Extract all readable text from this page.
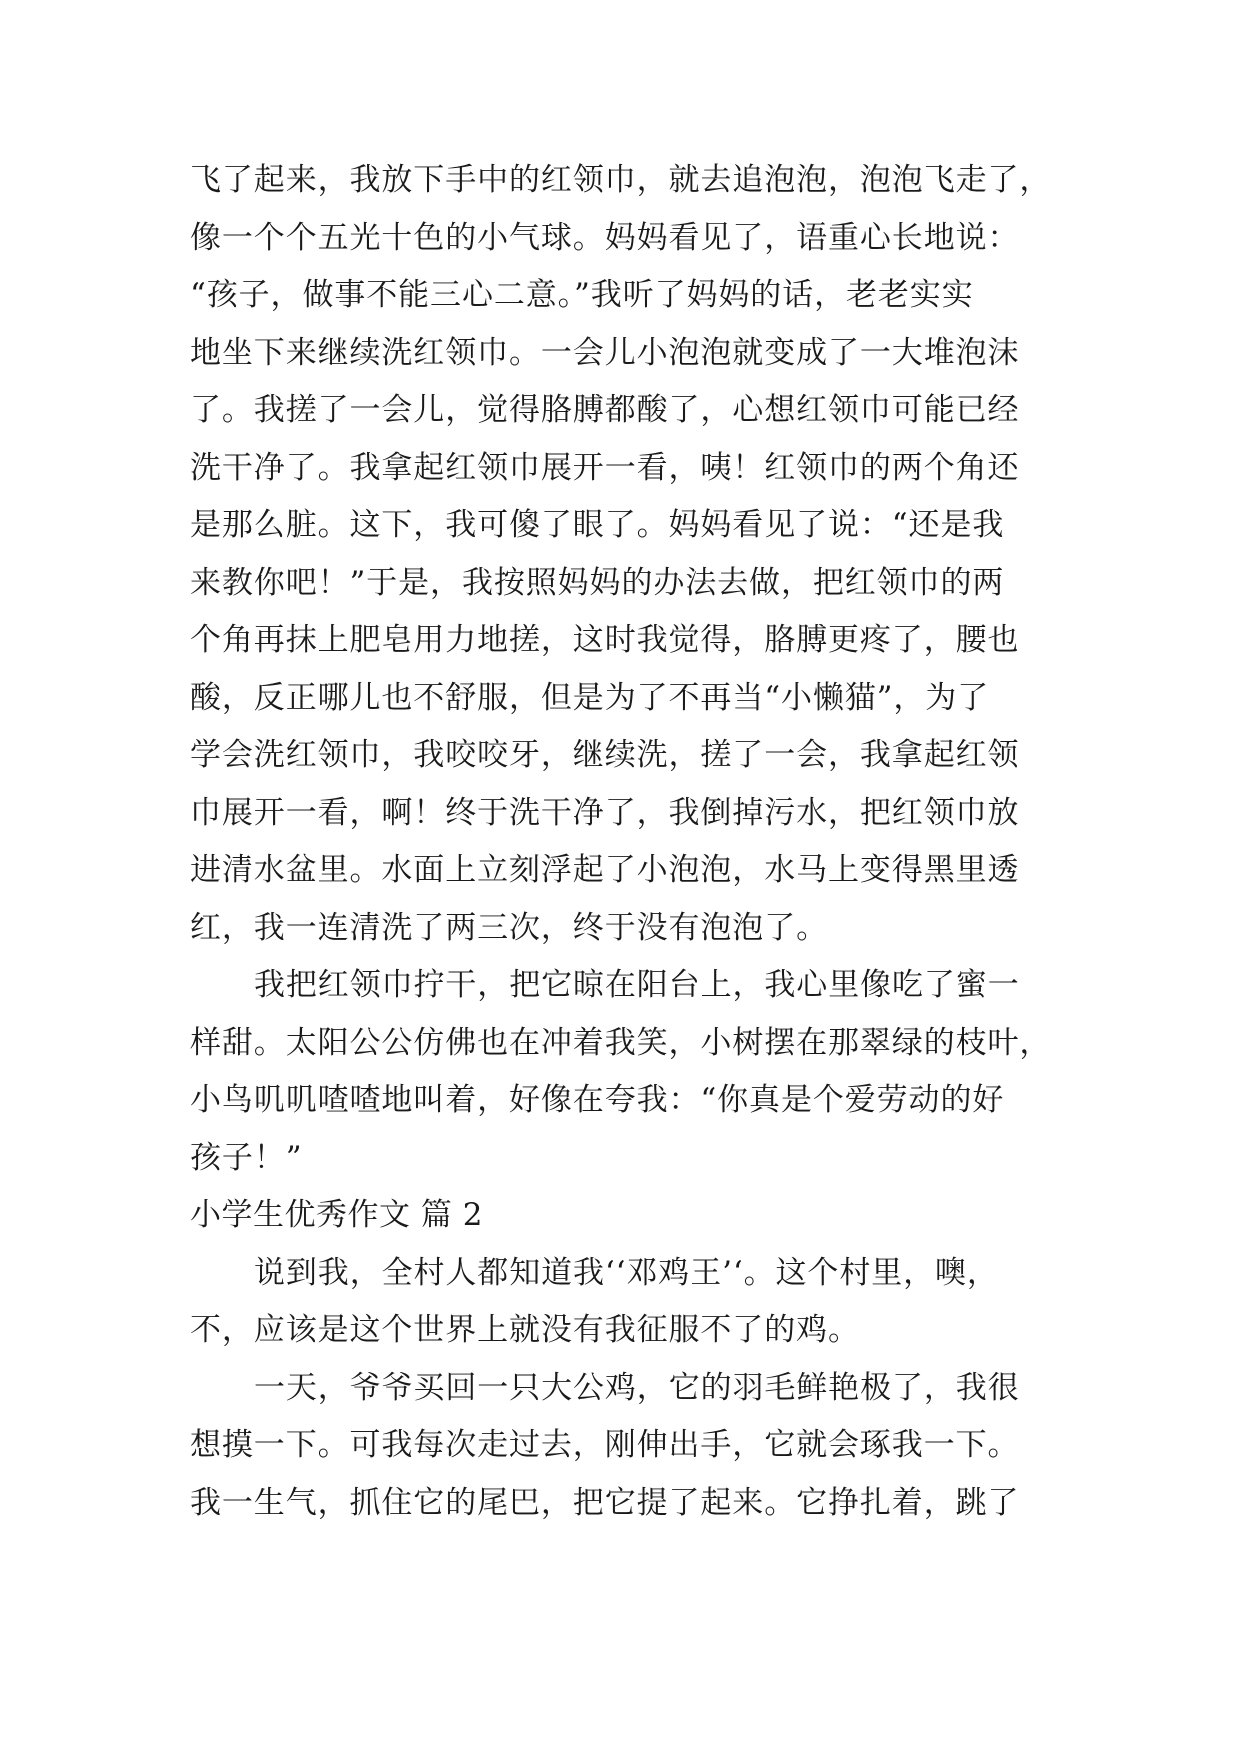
飞了起来，我放下手中的红领巾，就去追泡泡，泡泡飞走了，
像一个个五光十色的小气球。妈妈看见了，语重心长地说：
“孩子，做事不能三心二意。”我听了妈妈的话，老老实实
地坐下来继续洗红领巾。一会儿小泡泡就变成了一大堆泡沫
了。我搓了一会儿，觉得胳膊都酸了，心想红领巾可能已经
洗干净了。我拿起红领巾展开一看，咦！红领巾的两个角还
是那么脏。这下，我可傻了眼了。妈妈看见了说：“还是我
来教你吧！”于是，我按照妈妈的办法去做，把红领巾的两
个角再抹上肥皂用力地搓，这时我觉得，胳膊更疼了，腰也
酸，反正哪儿也不舒服，但是为了不再当“小懒猫”，为了
学会洗红领巾，我咬咬牙，继续洗，搓了一会，我拿起红领
巾展开一看，啊！终于洗干净了，我倒掉污水，把红领巾放
进清水盆里。水面上立刻浮起了小泡泡，水马上变得黑里透
红，我一连清洗了两三次，终于没有泡泡了。
我把红领巾拧干，把它晾在阳台上，我心里像吃了蜜一
样甜。太阳公公仿佛也在冲着我笑，小树摆在那翠绿的枝叶，
小鸟叽叽喳喳地叫着，好像在夸我：“你真是个爱劳动的好
孩子！”
小学生优秀作文 篇 2
说到我，全村人都知道我‘‘邓鸡王’‘。这个村里，噢，
不，应该是这个世界上就没有我征服不了的鸡。
一天，爷爷买回一只大公鸡，它的羽毛鲜艳极了，我很
想摸一下。可我每次走过去，刚伸出手，它就会琢我一下。
我一生气，抓住它的尾巴，把它提了起来。它挣扎着，跳了
